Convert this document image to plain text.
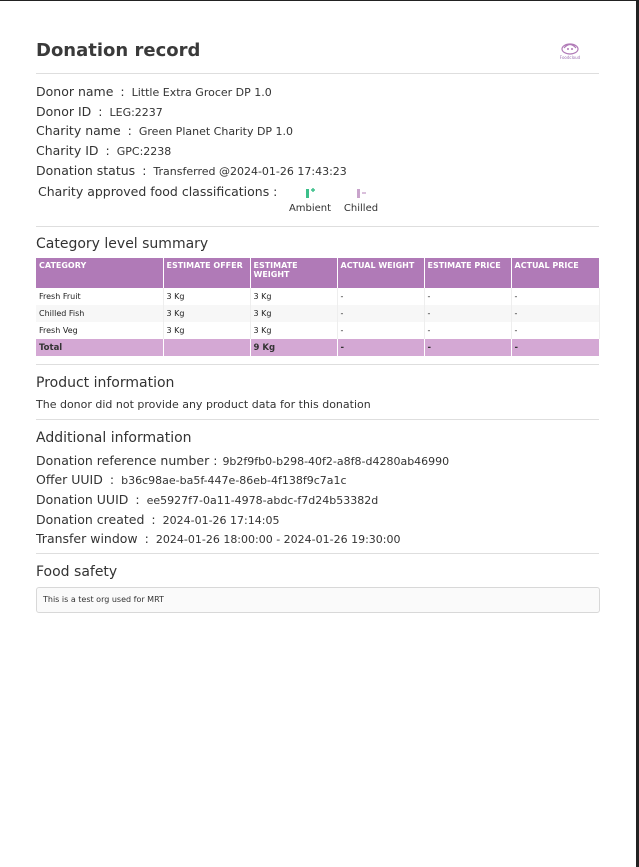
Donation record	Foodcloud
Donor name : Little Extra Grocer DP 1.0
Donor ID : LEG:2237
Charity name : Green Planet Charity DP 1.0
Charity ID : GPC:2238
Donation status : Transferred @2024-01-26 17:43:23
Charity approved food classifications :
Ambient Chilled
Category level summary
CATEGORY	ESTIMATE OFFER	ESTIMATE WEIGHT	ACTUAL WEIGHT	ESTIMATE PRICE	ACTUAL PRICE
Fresh Fruit	3 Kg	3 Kg	-	-	-
Chilled Fish	3 Kg	3 Kg	-	-	-
Fresh Veg	3 Kg	3 Kg	-	-	-
Total		9 Kg	-	-	-
Product information
The donor did not provide any product data for this donation
Additional information
Donation reference number : 9b2f9fb0-b298-40f2-a8f8-d4280ab46990
Offer UUID : b36c98ae-ba5f-447e-86eb-4f138f9c7a1c
Donation UUID : ee5927f7-0a11-4978-abdc-f7d24b53382d
Donation created : 2024-01-26 17:14:05
Transfer window : 2024-01-26 18:00:00 - 2024-01-26 19:30:00
Food safety
This is a test org used for MRT
